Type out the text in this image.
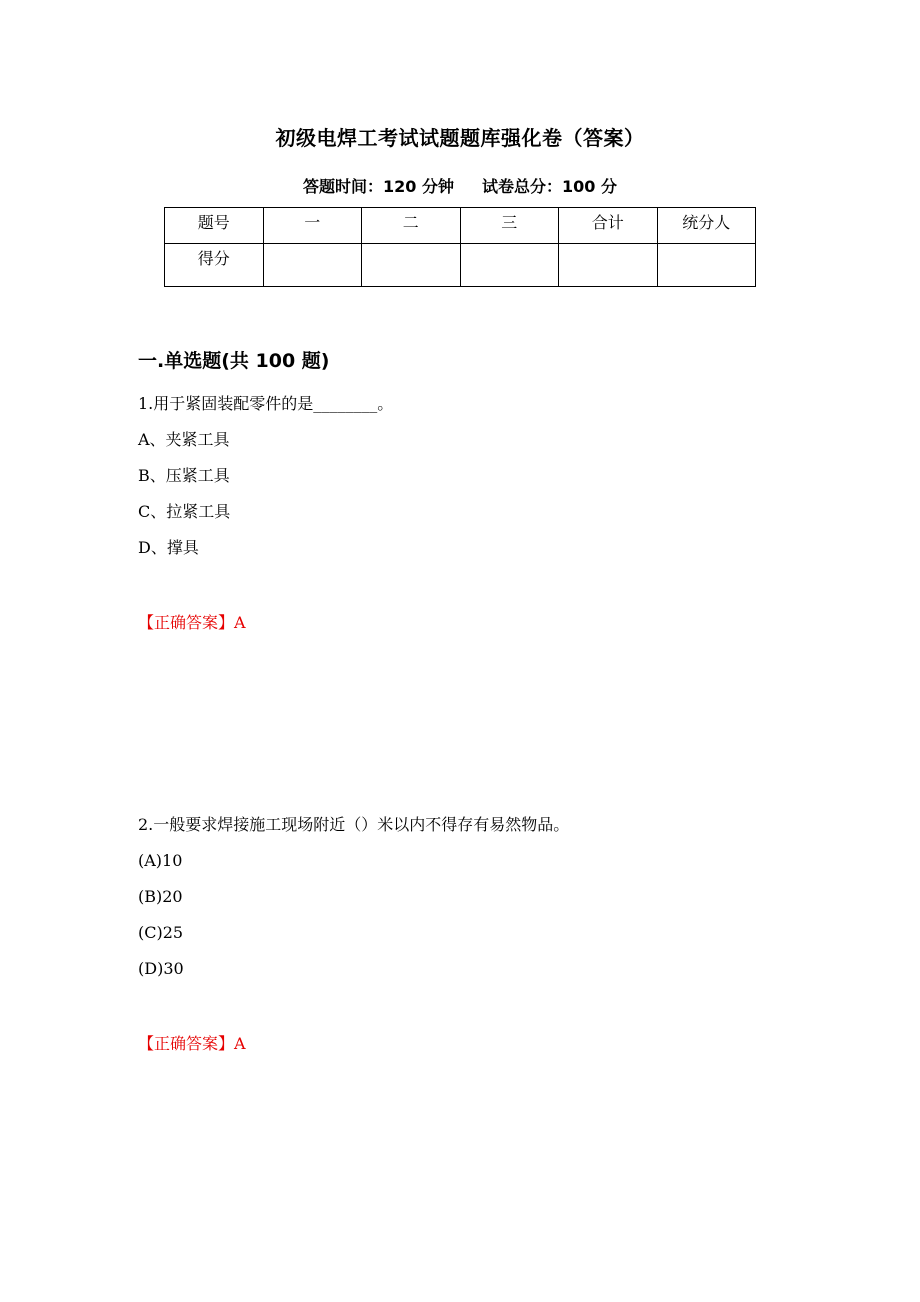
初级电焊工考试试题题库强化卷（答案）
答题时间：120 分钟 试卷总分：100 分
题号	一	二	三	合计	统分人
得分					
一.单选题(共 100 题)
1.用于紧固装配零件的是________。
A、夹紧工具
B、压紧工具
C、拉紧工具
D、撑具
【正确答案】A
2.一般要求焊接施工现场附近（）米以内不得存有易然物品。
(A)10
(B)20
(C)25
(D)30
【正确答案】A
